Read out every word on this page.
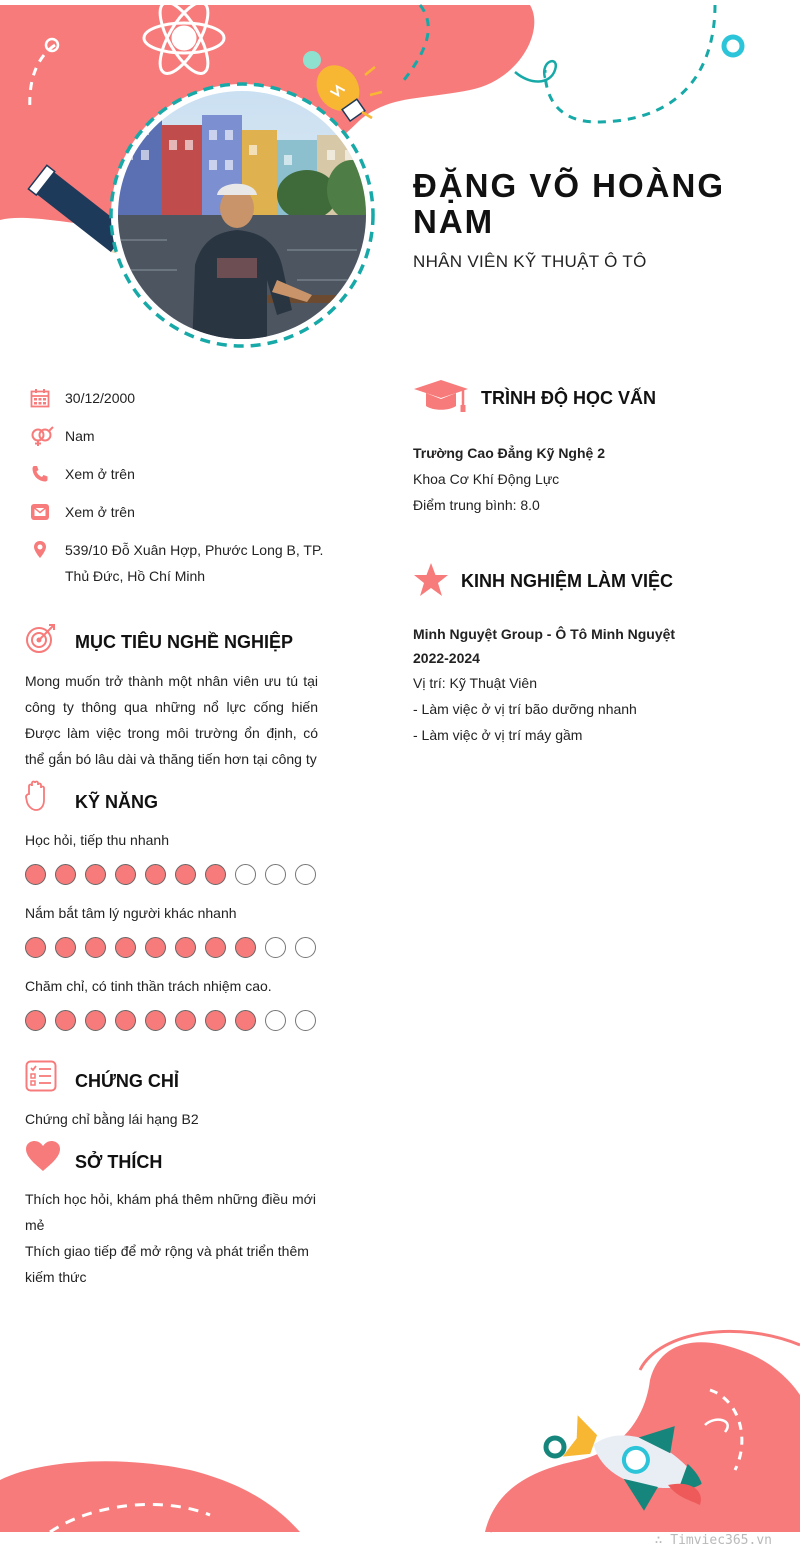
ĐẶNG VÕ HOÀNG NAM
NHÂN VIÊN KỸ THUẬT Ô TÔ
30/12/2000
Nam
Xem ở trên
Xem ở trên
539/10 Đỗ Xuân Hợp, Phước Long B, TP. Thủ Đức, Hồ Chí Minh
MỤC TIÊU NGHỀ NGHIỆP
Mong muốn trở thành một nhân viên ưu tú tại công ty thông qua những nổ lực cống hiến Được làm việc trong môi trường ổn định, có thể gắn bó lâu dài và thăng tiến hơn tại công ty
KỸ NĂNG
Học hỏi, tiếp thu nhanh
Nắm bắt tâm lý người khác nhanh
Chăm chỉ, có tinh thần trách nhiệm cao.
CHỨNG CHỈ
Chứng chỉ bằng lái hạng B2
SỞ THÍCH
Thích học hỏi, khám phá thêm những điều mới mẻ
Thích giao tiếp để mở rộng và phát triển thêm kiếm thức
TRÌNH ĐỘ HỌC VẤN
Trường Cao Đẳng Kỹ Nghệ 2
Khoa Cơ Khí Động Lực
Điểm trung bình: 8.0
KINH NGHIỆM LÀM VIỆC
Minh Nguyệt Group - Ô Tô Minh Nguyệt
2022-2024
Vị trí: Kỹ Thuật Viên
- Làm việc ở vị trí bão dưỡng nhanh
- Làm việc ở vị trí máy gầm
∴ Timviec365.vn
